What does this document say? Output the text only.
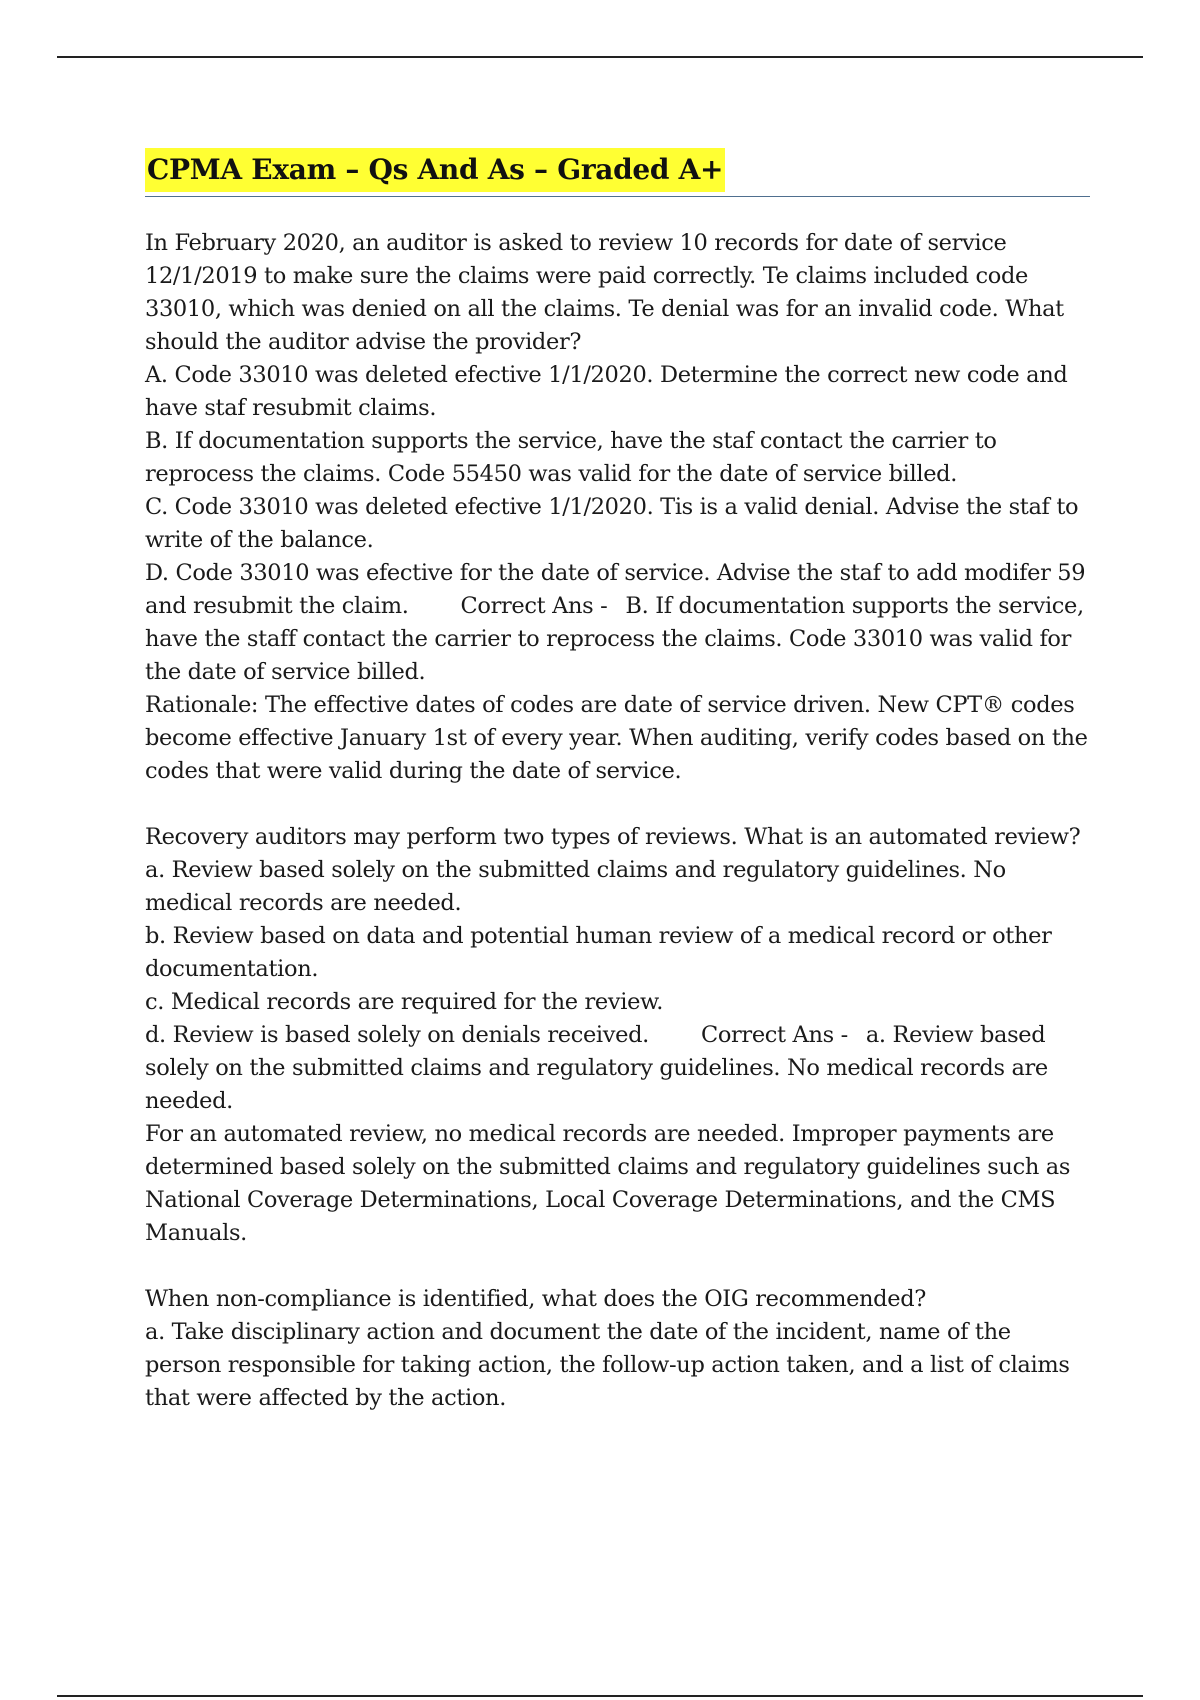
CPMA Exam – Qs And As – Graded A+

In February 2020, an auditor is asked to review 10 records for date of service 12/1/2019 to make sure the claims were paid correctly. Te claims included code 33010, which was denied on all the claims. Te denial was for an invalid code. What should the auditor advise the provider?

A. Code 33010 was deleted efective 1/1/2020. Determine the correct new code and have staf resubmit claims.

B. If documentation supports the service, have the staf contact the carrier to reprocess the claims. Code 55450 was valid for the date of service billed.

C. Code 33010 was deleted efective 1/1/2020. Tis is a valid denial. Advise the staf to write of the balance.

D. Code 33010 was efective for the date of service. Advise the staf to add modifer 59 and resubmit the claim. Correct Ans - B. If documentation supports the service, have the staff contact the carrier to reprocess the claims. Code 33010 was valid for the date of service billed.

Rationale: The effective dates of codes are date of service driven. New CPT® codes become effective January 1st of every year. When auditing, verify codes based on the codes that were valid during the date of service.

Recovery auditors may perform two types of reviews. What is an automated review?

a. Review based solely on the submitted claims and regulatory guidelines. No medical records are needed.

b. Review based on data and potential human review of a medical record or other documentation.

c. Medical records are required for the review.

d. Review is based solely on denials received. Correct Ans - a. Review based solely on the submitted claims and regulatory guidelines. No medical records are needed.

For an automated review, no medical records are needed. Improper payments are determined based solely on the submitted claims and regulatory guidelines such as National Coverage Determinations, Local Coverage Determinations, and the CMS Manuals.

When non-compliance is identified, what does the OIG recommended?

a. Take disciplinary action and document the date of the incident, name of the person responsible for taking action, the follow-up action taken, and a list of claims that were affected by the action.
